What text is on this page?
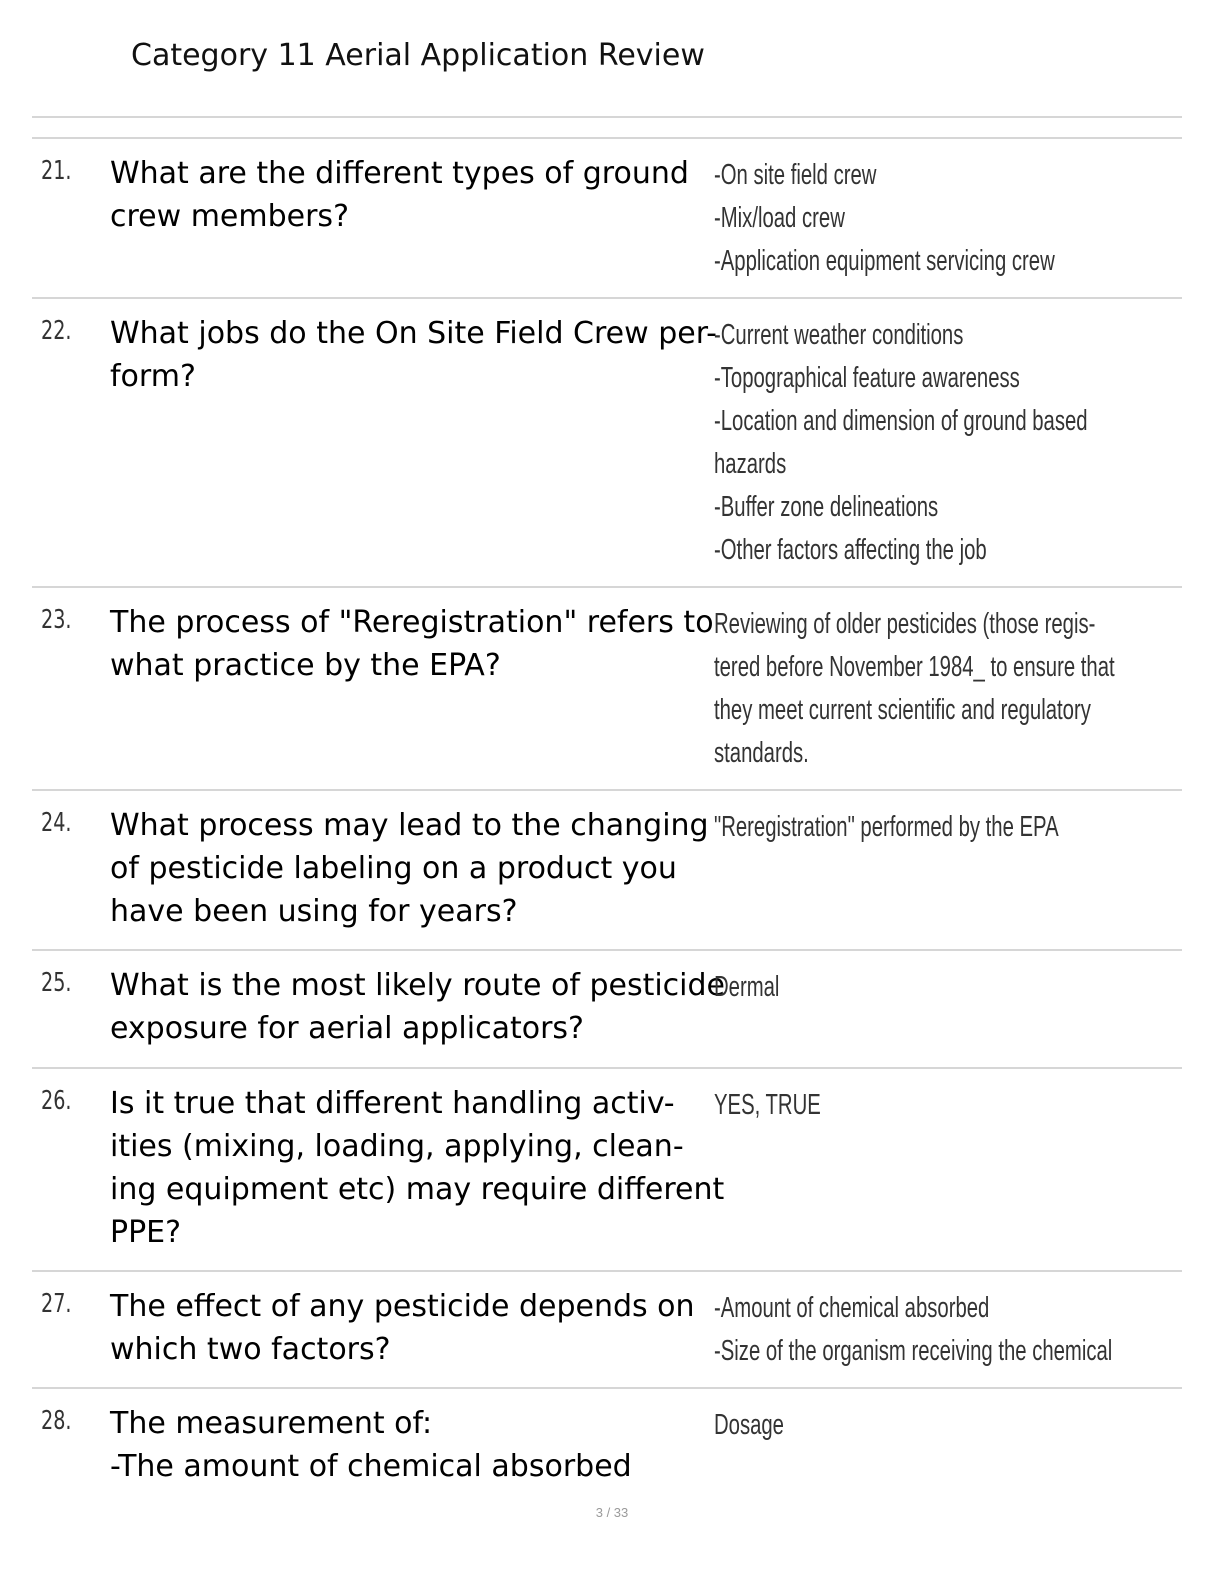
Category 11 Aerial Application Review
21. What are the different types of ground
crew members?
-On site field crew
-Mix/load crew
-Application equipment servicing crew
22. What jobs do the On Site Field Crew per-
form?
-Current weather conditions
-Topographical feature awareness
-Location and dimension of ground based
hazards
-Buffer zone delineations
-Other factors affecting the job
23. The process of "Reregistration" refers to
what practice by the EPA?
Reviewing of older pesticides (those regis-
tered before November 1984_ to ensure that
they meet current scientific and regulatory
standards.
24. What process may lead to the changing
of pesticide labeling on a product you
have been using for years?
"Reregistration" performed by the EPA
25. What is the most likely route of pesticide
exposure for aerial applicators?
Dermal
26. Is it true that different handling activ-
ities (mixing, loading, applying, clean-
ing equipment etc) may require different
PPE?
YES, TRUE
27. The effect of any pesticide depends on
which two factors?
-Amount of chemical absorbed
-Size of the organism receiving the chemical
28. The measurement of:
-The amount of chemical absorbed
Dosage
3 / 33
